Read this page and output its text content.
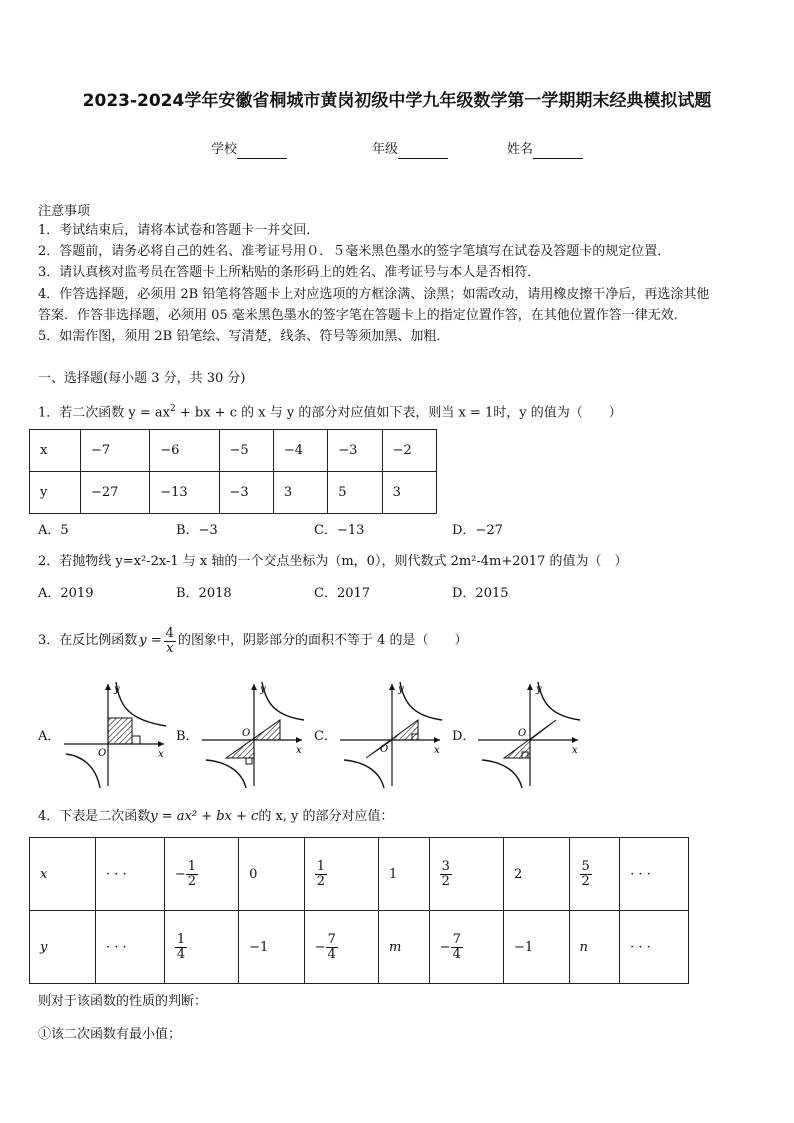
2023-2024学年安徽省桐城市黄岗初级中学九年级数学第一学期期末经典模拟试题
学校	年级	姓名
注意事项
1．考试结束后，请将本试卷和答题卡一并交回．
2．答题前，请务必将自己的姓名、准考证号用０．５毫米黑色墨水的签字笔填写在试卷及答题卡的规定位置．
3．请认真核对监考员在答题卡上所粘贴的条形码上的姓名、准考证号与本人是否相符．
4．作答选择题，必须用 2B 铅笔将答题卡上对应选项的方框涂满、涂黑；如需改动，请用橡皮擦干净后，再选涂其他
答案．作答非选择题，必须用 05 毫米黑色墨水的签字笔在答题卡上的指定位置作答，在其他位置作答一律无效．
5．如需作图，须用 2B 铅笔绘、写清楚，线条、符号等须加黑、加粗．
一、选择题(每小题 3 分，共 30 分)
1．若二次函数 $y = ax^2$ + bx + c 的 x 与 y 的部分对应值如下表，则当 x = 1时，y 的值为（　　）
x	−7	−6	−5	−4	−3	−2
y	−27	−13	−3	3	5	3
A．5	B．−3	C．−13	D．−27
2．若抛物线 y=x²-2x-1 与 x 轴的一个交点坐标为（m，0），则代数式 2m²-4m+2017 的值为（　）
A．2019	B．2018	C．2017	D．2015
3．在反比例函数 $y = \frac{4}{x}$ 的图象中，阴影部分的面积不等于 4 的是（　　）
A．	B．	C．	D．
O	x
y
O
x
y
O	x
y
O
x
y
4．下表是二次函数y = ax² + bx + c的 x, y 的部分对应值：
x	· · ·	− $\frac{1}{2}$	0	$\frac{1}{2}$	1	$\frac{3}{2}$	2	$\frac{5}{2}$	· · ·
y	· · ·	$\frac{1}{4}$	−1	− $\frac{7}{4}$	m	− $\frac{7}{4}$	−1	n	· · ·
则对于该函数的性质的判断：
①该二次函数有最小值；
